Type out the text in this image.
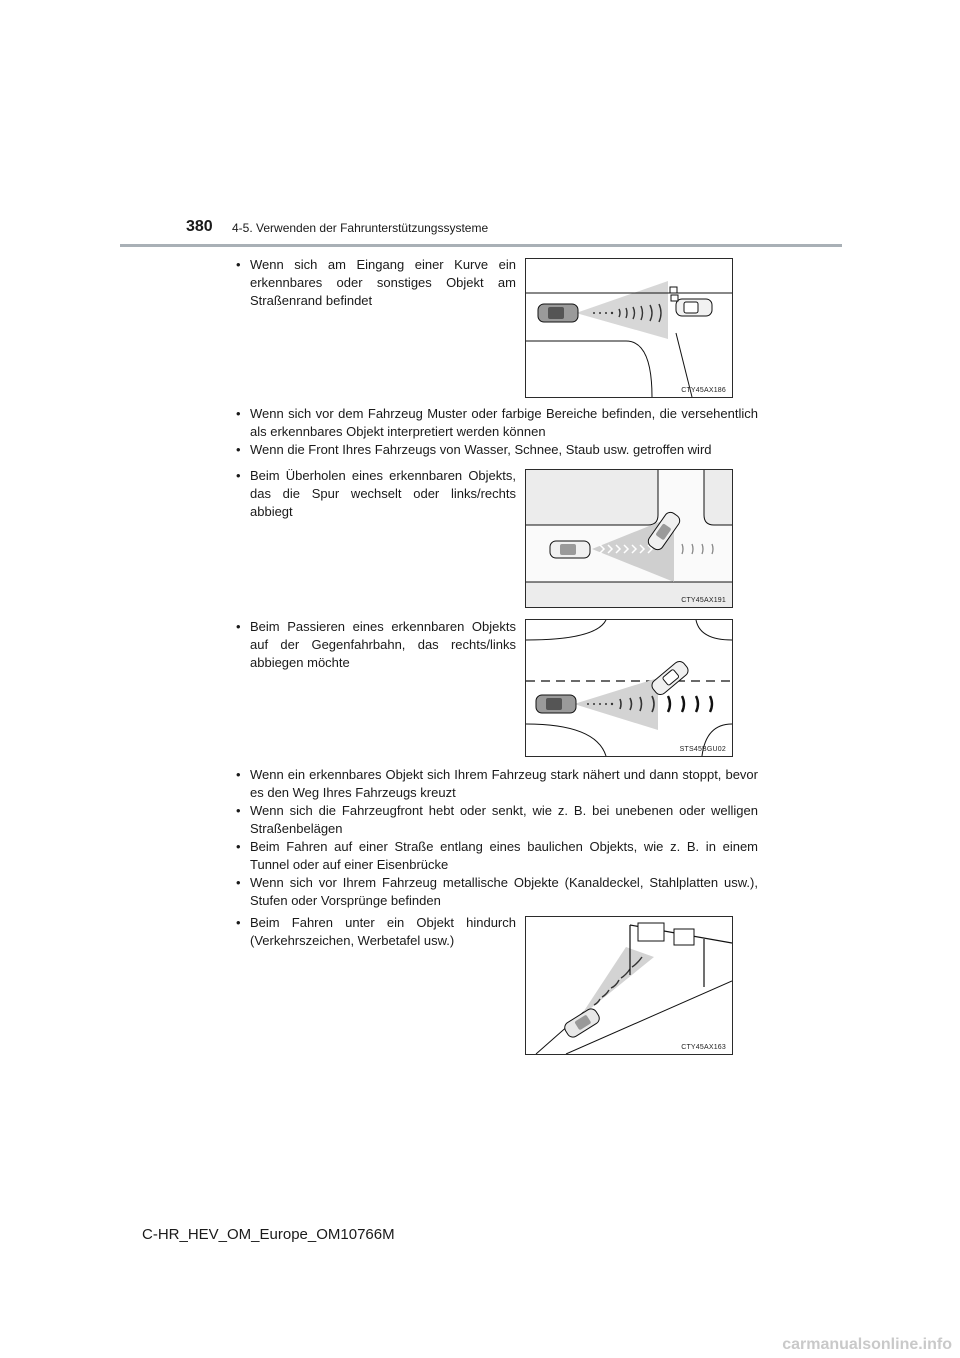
380 4-5. Verwenden der Fahrunterstützungssysteme

• Wenn sich am Eingang einer Kurve ein erkennbares oder sonstiges Objekt am Straßenrand befindet

CTY45AX186

• Wenn sich vor dem Fahrzeug Muster oder farbige Bereiche befinden, die versehentlich als erkennbares Objekt interpretiert werden können

• Wenn die Front Ihres Fahrzeugs von Wasser, Schnee, Staub usw. getroffen wird

• Beim Überholen eines erkennbaren Objekts, das die Spur wechselt oder links/rechts abbiegt

CTY45AX191

• Beim Passieren eines erkennbaren Objekts auf der Gegenfahrbahn, das rechts/links abbiegen möchte

STS45BGU02

• Wenn ein erkennbares Objekt sich Ihrem Fahrzeug stark nähert und dann stoppt, bevor es den Weg Ihres Fahrzeugs kreuzt

• Wenn sich die Fahrzeugfront hebt oder senkt, wie z. B. bei unebenen oder welligen Straßenbelägen

• Beim Fahren auf einer Straße entlang eines baulichen Objekts, wie z. B. in einem Tunnel oder auf einer Eisenbrücke

• Wenn sich vor Ihrem Fahrzeug metallische Objekte (Kanaldeckel, Stahlplatten usw.), Stufen oder Vorsprünge befinden

• Beim Fahren unter ein Objekt hindurch (Verkehrszeichen, Werbetafel usw.)

CTY45AX163
C-HR_HEV_OM_Europe_OM10766M
carmanualsonline.info
